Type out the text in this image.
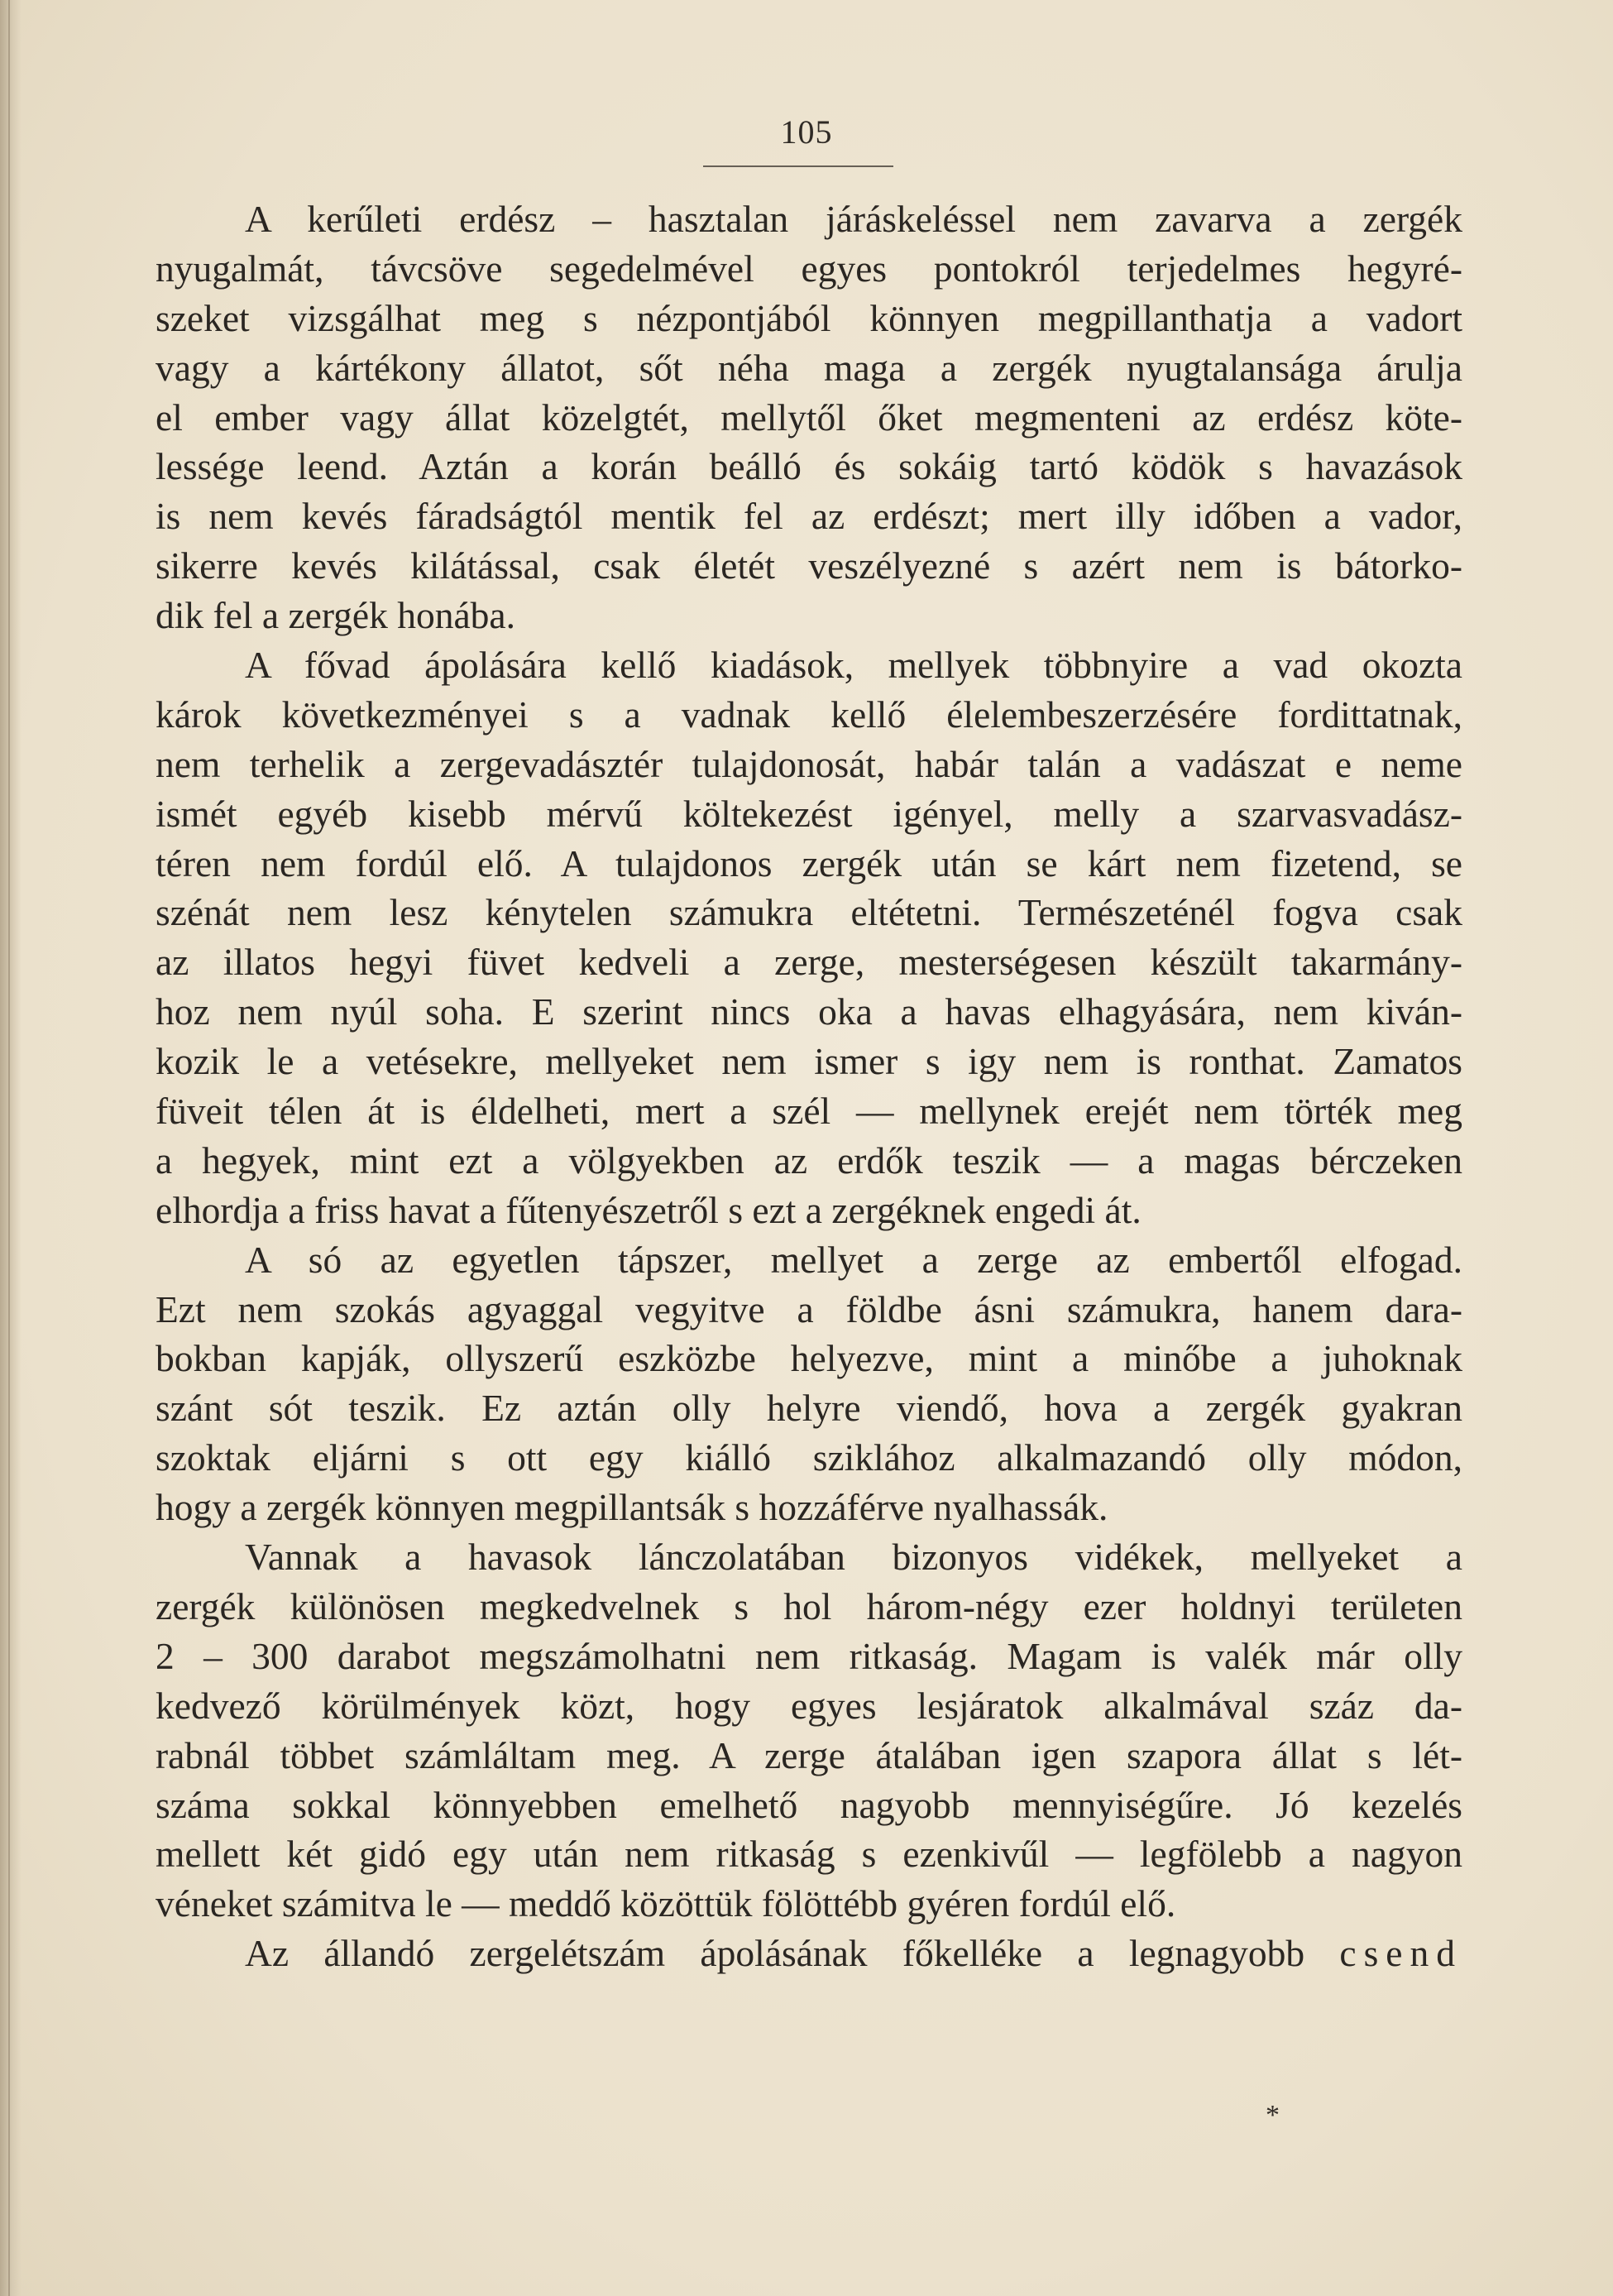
105
A kerűleti erdész – hasztalan járáskeléssel nem zavarva a zergék
nyugalmát, távcsöve segedelmével egyes pontokról terjedelmes hegyré-
szeket vizsgálhat meg s nézpontjából könnyen megpillanthatja a vadort
vagy a kártékony állatot, sőt néha maga a zergék nyugtalansága árulja
el ember vagy állat közelgtét, mellytől őket megmenteni az erdész köte-
lessége leend. Aztán a korán beálló és sokáig tartó ködök s havazások
is nem kevés fáradságtól mentik fel az erdészt; mert illy időben a vador,
sikerre kevés kilátással, csak életét veszélyezné s azért nem is bátorko-
dik fel a zergék honába.
A fővad ápolására kellő kiadások, mellyek többnyire a vad okozta
károk következményei s a vadnak kellő élelembeszerzésére fordittatnak,
nem terhelik a zergevadásztér tulajdonosát, habár talán a vadászat e neme
ismét egyéb kisebb mérvű költekezést igényel, melly a szarvasvadász-
téren nem fordúl elő. A tulajdonos zergék után se kárt nem fizetend, se
szénát nem lesz kénytelen számukra eltétetni. Természeténél fogva csak
az illatos hegyi füvet kedveli a zerge, mesterségesen készült takarmány-
hoz nem nyúl soha. E szerint nincs oka a havas elhagyására, nem kiván-
kozik le a vetésekre, mellyeket nem ismer s igy nem is ronthat. Zamatos
füveit télen át is éldelheti, mert a szél — mellynek erejét nem törték meg
a hegyek, mint ezt a völgyekben az erdők teszik — a magas bérczeken
elhordja a friss havat a fűtenyészetről s ezt a zergéknek engedi át.
A só az egyetlen tápszer, mellyet a zerge az embertől elfogad.
Ezt nem szokás agyaggal vegyitve a földbe ásni számukra, hanem dara-
bokban kapják, ollyszerű eszközbe helyezve, mint a minőbe a juhoknak
szánt sót teszik. Ez aztán olly helyre viendő, hova a zergék gyakran
szoktak eljárni s ott egy kiálló sziklához alkalmazandó olly módon,
hogy a zergék könnyen megpillantsák s hozzáférve nyalhassák.
Vannak a havasok lánczolatában bizonyos vidékek, mellyeket a
zergék különösen megkedvelnek s hol három-négy ezer holdnyi területen
2 – 300 darabot megszámolhatni nem ritkaság. Magam is valék már olly
kedvező körülmények közt, hogy egyes lesjáratok alkalmával száz da-
rabnál többet számláltam meg. A zerge átalában igen szapora állat s lét-
száma sokkal könnyebben emelhető nagyobb mennyiségűre. Jó kezelés
mellett két gidó egy után nem ritkaság s ezenkivűl — legfölebb a nagyon
véneket számitva le — meddő közöttük fölöttébb gyéren fordúl elő.
Az állandó zergelétszám ápolásának főkelléke a legnagyobb csend
*
